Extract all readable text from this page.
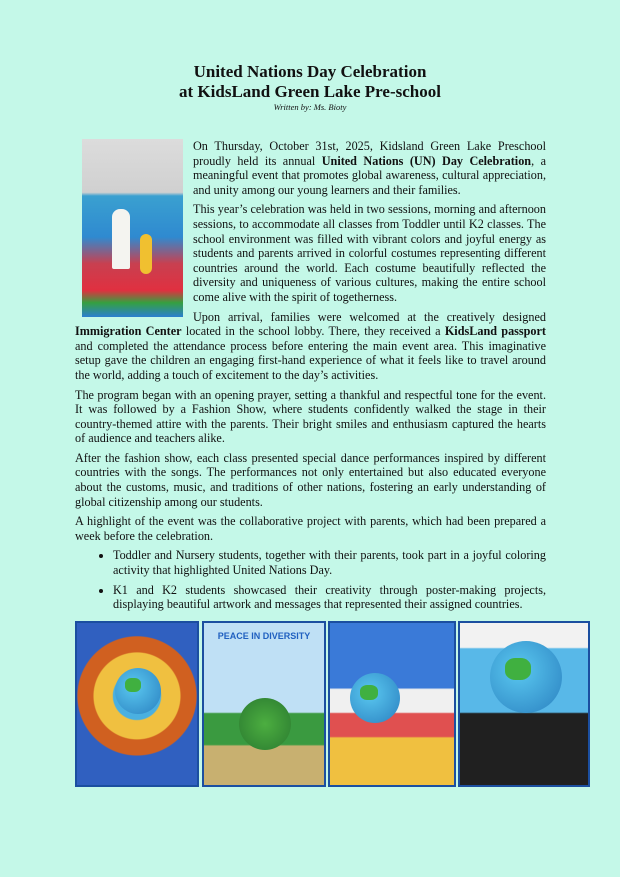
United Nations Day Celebration
at KidsLand Green Lake Pre-school
Written by: Ms. Bioty

On Thursday, October 31st, 2025, Kidsland Green Lake Preschool proudly held its annual United Nations (UN) Day Celebration, a meaningful event that promotes global awareness, cultural appreciation, and unity among our young learners and their families.

This year’s celebration was held in two sessions, morning and afternoon sessions, to accommodate all classes from Toddler until K2 classes. The school environment was filled with vibrant colors and joyful energy as students and parents arrived in colorful costumes representing different countries around the world. Each costume beautifully reflected the diversity and uniqueness of various cultures, making the entire school come alive with the spirit of togetherness.

Upon arrival, families were welcomed at the creatively designed Immigration Center located in the school lobby. There, they received a KidsLand passport and completed the attendance process before entering the main event area. This imaginative setup gave the children an engaging first-hand experience of what it feels like to travel around the world, adding a touch of excitement to the day’s activities.

The program began with an opening prayer, setting a thankful and respectful tone for the event. It was followed by a Fashion Show, where students confidently walked the stage in their country-themed attire with the parents. Their bright smiles and enthusiasm captured the hearts of audience and teachers alike.

After the fashion show, each class presented special dance performances inspired by different countries with the songs. The performances not only entertained but also educated everyone about the customs, music, and traditions of other nations, fostering an early understanding of global citizenship among our students.

A highlight of the event was the collaborative project with parents, which had been prepared a week before the celebration.

• Toddler and Nursery students, together with their parents, took part in a joyful coloring activity that highlighted United Nations Day.
• K1 and K2 students showcased their creativity through poster-making projects, displaying beautiful artwork and messages that represented their assigned countries.
PEACE IN DIVERSITY
